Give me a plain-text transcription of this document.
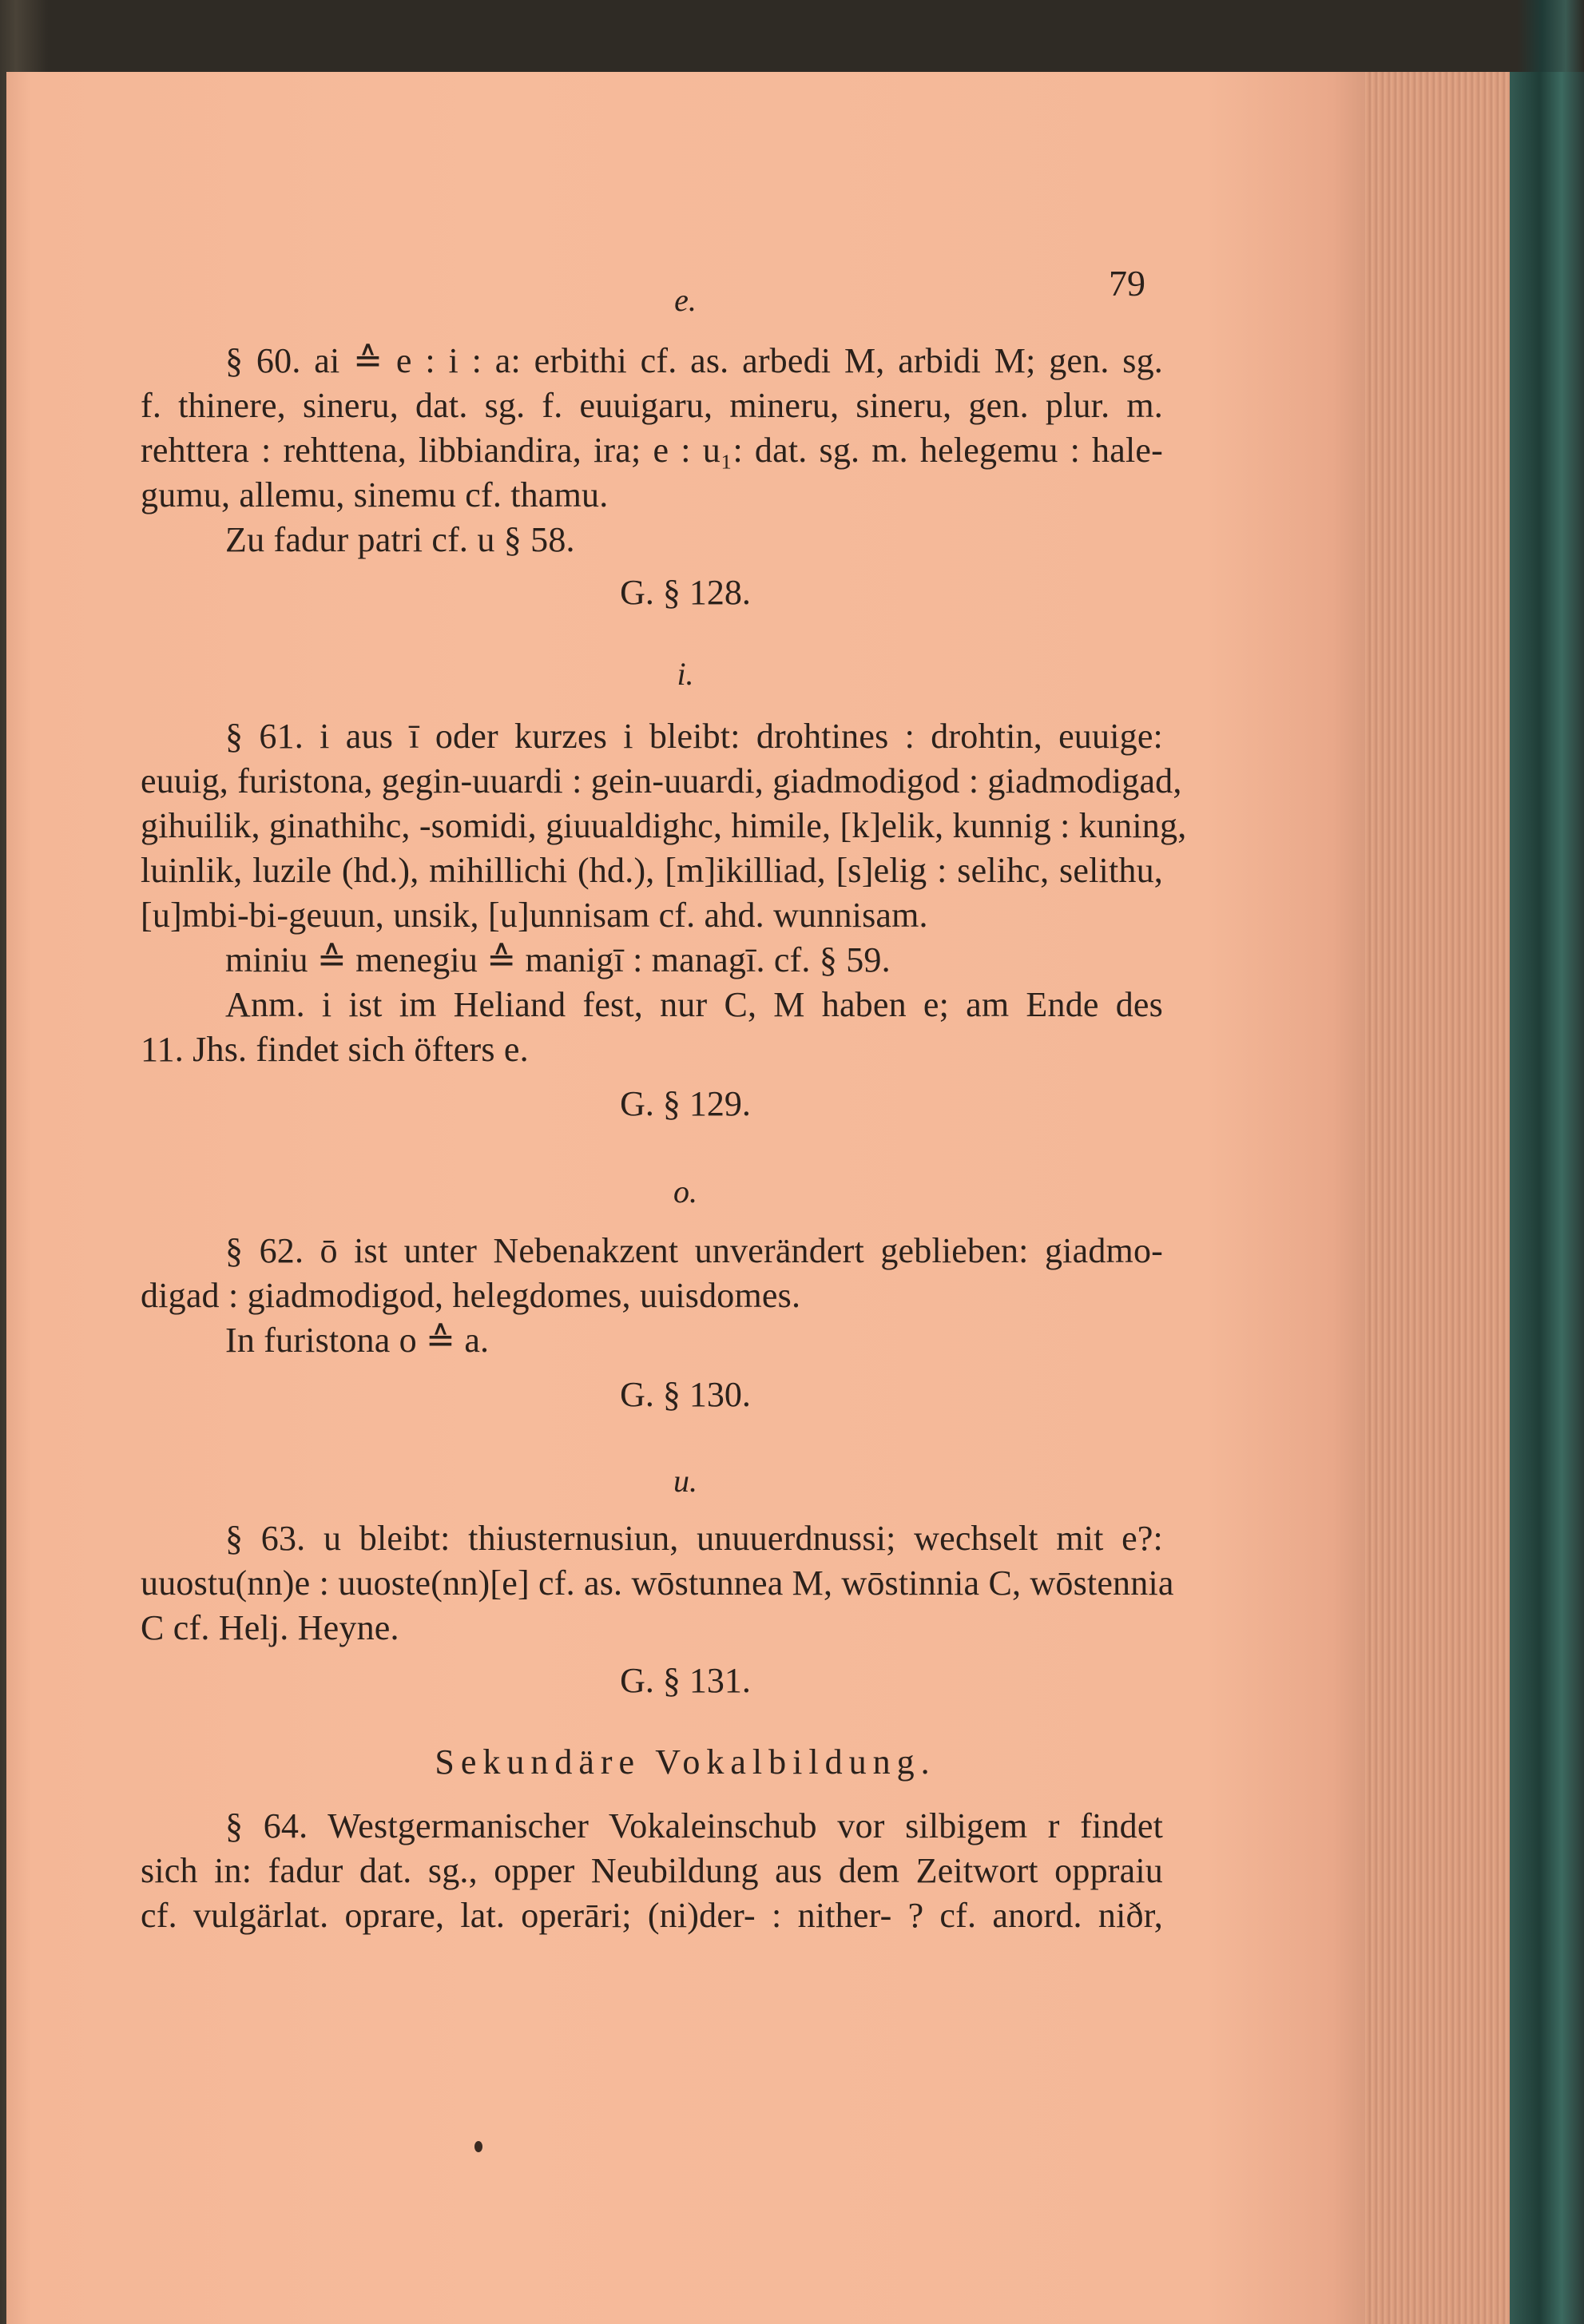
79
e.
§ 60. ai ≙ e : i : a: erbithi cf. as. arbedi M, arbidi M; gen. sg.
f. thinere, sineru, dat. sg. f. euuigaru, mineru, sineru, gen. plur. m.
rehttera : rehttena, libbiandira, ira; e : u₁: dat. sg. m. helegemu : hale-
gumu, allemu, sinemu cf. thamu.
Zu fadur patri cf. u § 58.
G. § 128.
i.
§ 61. i aus ī oder kurzes i bleibt: drohtines : drohtin, euuige:
euuig, furistona, gegin-uuardi : gein-uuardi, giadmodigod : giadmodigad,
gihuilik, ginathihc, -somidi, giuualdighc, himile, [k]elik, kunnig : kuning,
luinlik, luzile (hd.), mihillichi (hd.), [m]ikilliad, [s]elig : selihc, selithu,
[u]mbi-bi-geuun, unsik, [u]unnisam cf. ahd. wunnisam.
miniu ≙ menegiu ≙ manigī : managī. cf. § 59.
Anm. i ist im Heliand fest, nur C, M haben e; am Ende des
11. Jhs. findet sich öfters e.
G. § 129.
o.
§ 62. ō ist unter Nebenakzent unverändert geblieben: giadmo-
digad : giadmodigod, helegdomes, uuisdomes.
In furistona o ≙ a.
G. § 130.
u.
§ 63. u bleibt: thiusternusiun, unuuerdnussi; wechselt mit e?:
uuostu(nn)e : uuoste(nn)[e] cf. as. wōstunnea M, wōstinnia C, wōstennia
C cf. Helj. Heyne.
G. § 131.
Sekundäre Vokalbildung.
§ 64. Westgermanischer Vokaleinschub vor silbigem r findet
sich in: fadur dat. sg., opper Neubildung aus dem Zeitwort oppraiu
cf. vulgärlat. oprare, lat. operāri; (ni)der- : nither- ? cf. anord. niðr,
